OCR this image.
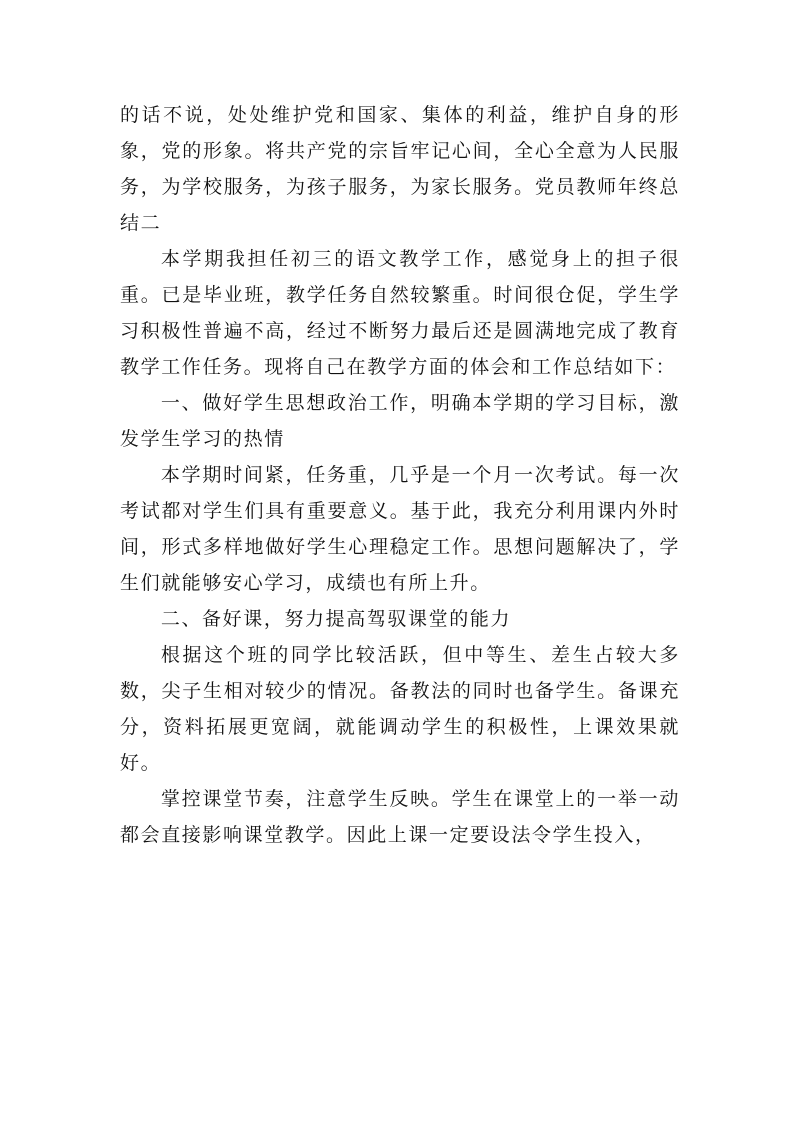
的话不说，处处维护党和国家、集体的利益，维护自身的形象，党的形象。将共产党的宗旨牢记心间，全心全意为人民服务，为学校服务，为孩子服务，为家长服务。党员教师年终总结二

本学期我担任初三的语文教学工作，感觉身上的担子很重。已是毕业班，教学任务自然较繁重。时间很仓促，学生学习积极性普遍不高，经过不断努力最后还是圆满地完成了教育教学工作任务。现将自己在教学方面的体会和工作总结如下：

一、做好学生思想政治工作，明确本学期的学习目标，激发学生学习的热情

本学期时间紧，任务重，几乎是一个月一次考试。每一次考试都对学生们具有重要意义。基于此，我充分利用课内外时间，形式多样地做好学生心理稳定工作。思想问题解决了，学生们就能够安心学习，成绩也有所上升。

二、备好课，努力提高驾驭课堂的能力

根据这个班的同学比较活跃，但中等生、差生占较大多数，尖子生相对较少的情况。备教法的同时也备学生。备课充分，资料拓展更宽阔，就能调动学生的积极性，上课效果就好。

掌控课堂节奏，注意学生反映。学生在课堂上的一举一动都会直接影响课堂教学。因此上课一定要设法令学生投入，
